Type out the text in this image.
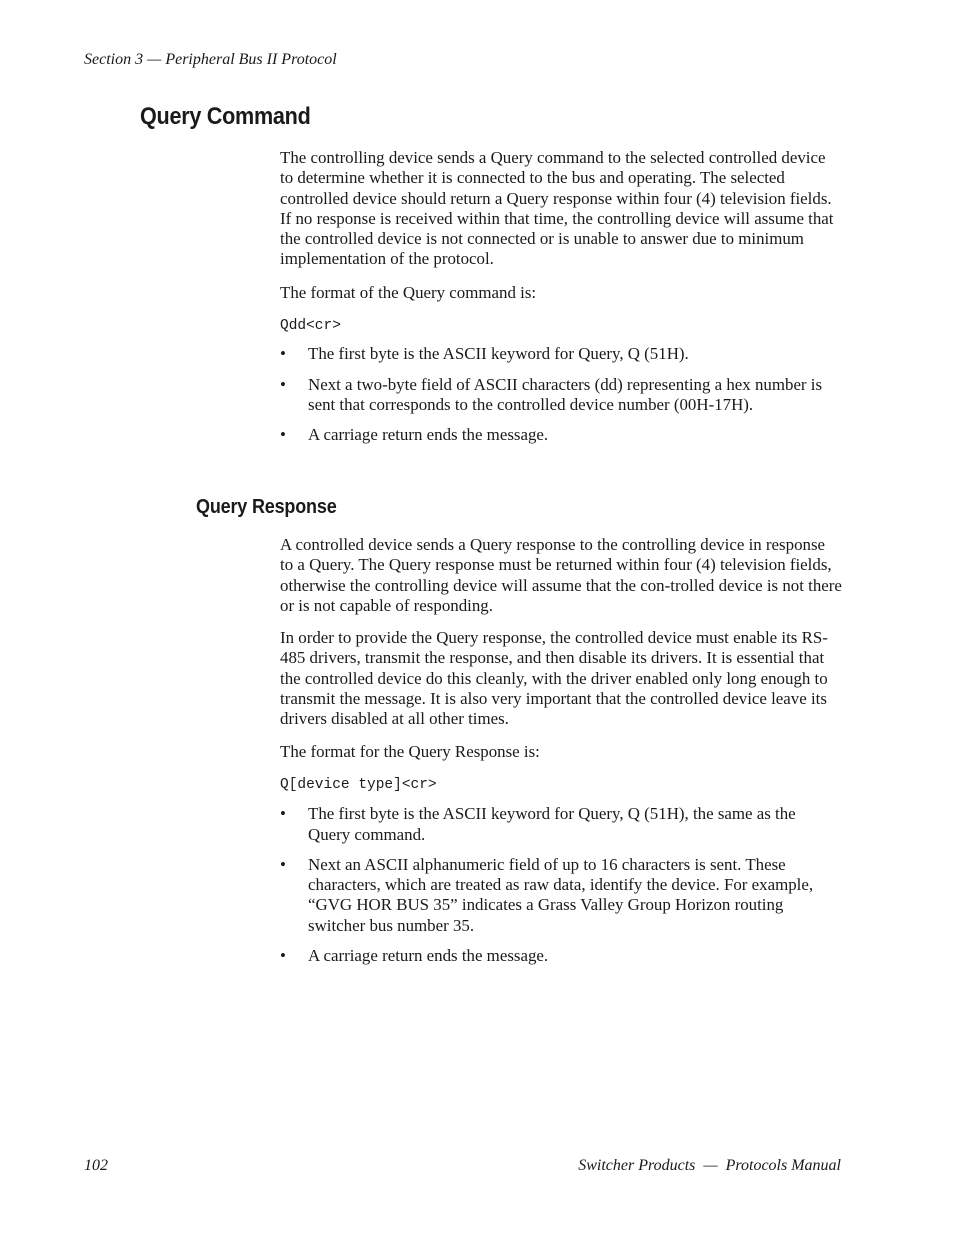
Section 3 — Peripheral Bus II Protocol
Query Command

The controlling device sends a Query command to the selected controlled device to determine whether it is connected to the bus and operating. The selected controlled device should return a Query response within four (4) television fields. If no response is received within that time, the controlling device will assume that the controlled device is not connected or is unable to answer due to minimum implementation of the protocol.

The format of the Query command is:

Qdd<cr>

• The first byte is the ASCII keyword for Query, Q (51H).
• Next a two-byte field of ASCII characters (dd) representing a hex number is sent that corresponds to the controlled device number (00H-17H).
• A carriage return ends the message.
Query Response

A controlled device sends a Query response to the controlling device in response to a Query. The Query response must be returned within four (4) television fields, otherwise the controlling device will assume that the con-trolled device is not there or is not capable of responding.

In order to provide the Query response, the controlled device must enable its RS-485 drivers, transmit the response, and then disable its drivers. It is essential that the controlled device do this cleanly, with the driver enabled only long enough to transmit the message. It is also very important that the controlled device leave its drivers disabled at all other times.

The format for the Query Response is:

Q[device type]<cr>

• The first byte is the ASCII keyword for Query, Q (51H), the same as the Query command.
• Next an ASCII alphanumeric field of up to 16 characters is sent. These characters, which are treated as raw data, identify the device. For example, “GVG HOR BUS 35” indicates a Grass Valley Group Horizon routing switcher bus number 35.
• A carriage return ends the message.
102	Switcher Products  —  Protocols Manual
